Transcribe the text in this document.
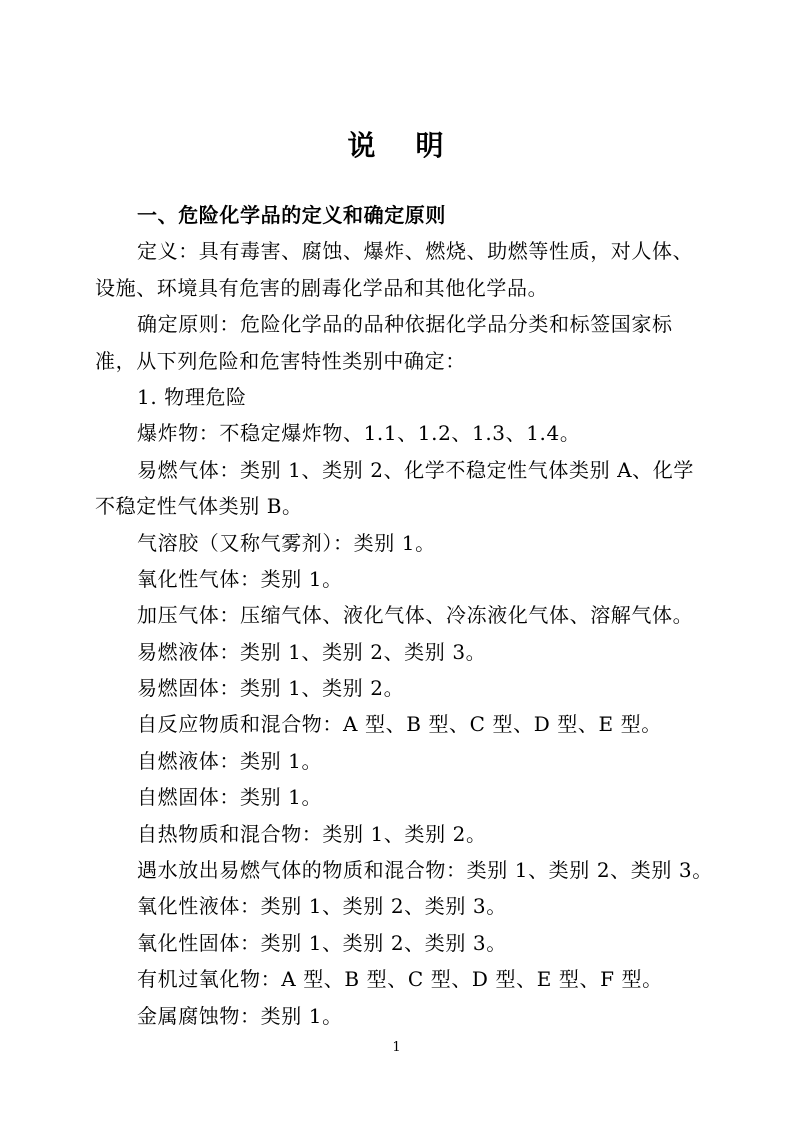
说 明
一、危险化学品的定义和确定原则
定义：具有毒害、腐蚀、爆炸、燃烧、助燃等性质，对人体、
设施、环境具有危害的剧毒化学品和其他化学品。
确定原则：危险化学品的品种依据化学品分类和标签国家标
准，从下列危险和危害特性类别中确定：
1. 物理危险
爆炸物：不稳定爆炸物、1.1、1.2、1.3、1.4。
易燃气体：类别 1、类别 2、化学不稳定性气体类别 A、化学
不稳定性气体类别 B。
气溶胶（又称气雾剂）：类别 1。
氧化性气体：类别 1。
加压气体：压缩气体、液化气体、冷冻液化气体、溶解气体。
易燃液体：类别 1、类别 2、类别 3。
易燃固体：类别 1、类别 2。
自反应物质和混合物：A 型、B 型、C 型、D 型、E 型。
自燃液体：类别 1。
自燃固体：类别 1。
自热物质和混合物：类别 1、类别 2。
遇水放出易燃气体的物质和混合物：类别 1、类别 2、类别 3。
氧化性液体：类别 1、类别 2、类别 3。
氧化性固体：类别 1、类别 2、类别 3。
有机过氧化物：A 型、B 型、C 型、D 型、E 型、F 型。
金属腐蚀物：类别 1。
1
